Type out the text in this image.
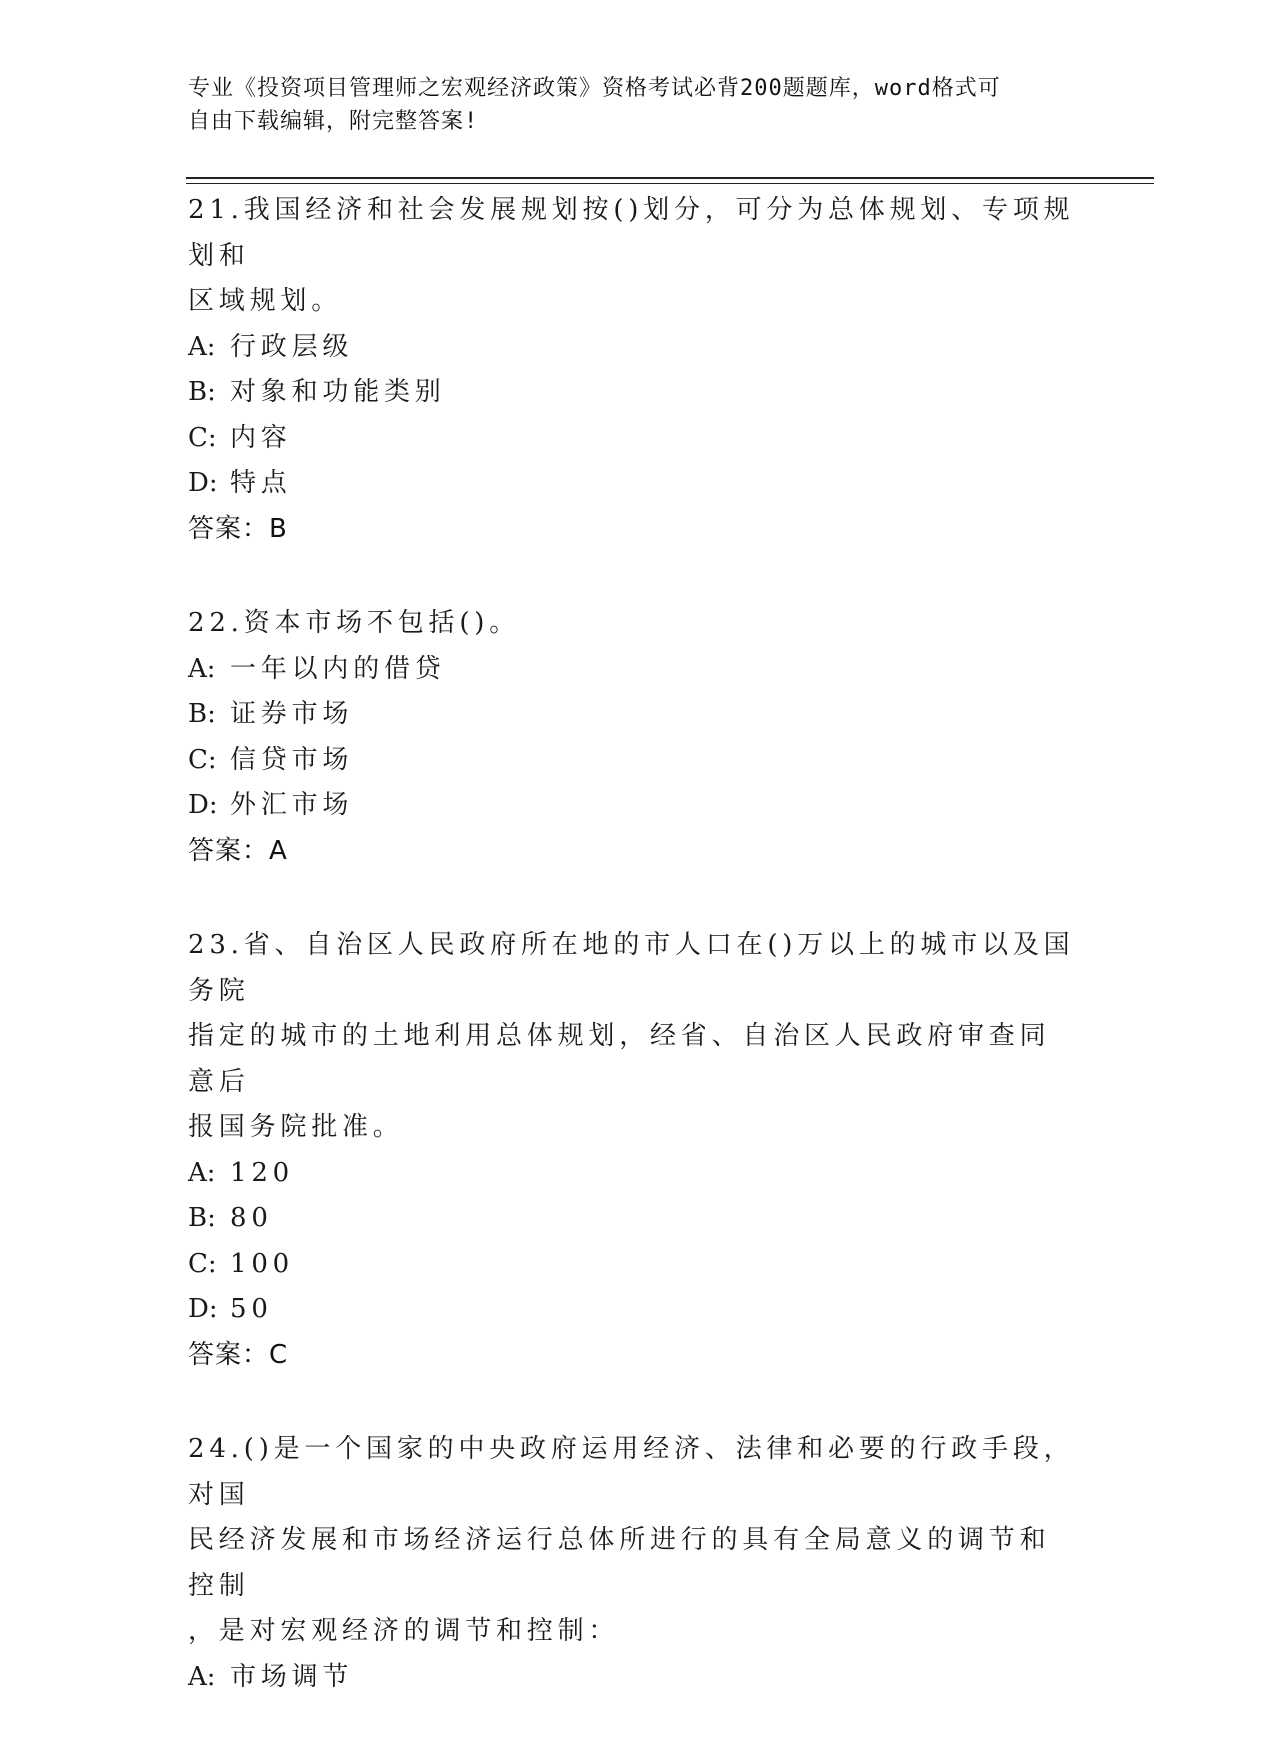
专业《投资项目管理师之宏观经济政策》资格考试必背200题题库，word格式可
自由下载编辑，附完整答案!
21.我国经济和社会发展规划按()划分，可分为总体规划、专项规划和
区域规划。
A: 行政层级
B: 对象和功能类别
C: 内容
D: 特点
答案：B
22.资本市场不包括()。
A: 一年以内的借贷
B: 证券市场
C: 信贷市场
D: 外汇市场
答案：A
23.省、自治区人民政府所在地的市人口在()万以上的城市以及国务院
指定的城市的土地利用总体规划，经省、自治区人民政府审查同意后
报国务院批准。
A: 120
B: 80
C: 100
D: 50
答案：C
24.()是一个国家的中央政府运用经济、法律和必要的行政手段，对国
民经济发展和市场经济运行总体所进行的具有全局意义的调节和控制
，是对宏观经济的调节和控制：
A: 市场调节
